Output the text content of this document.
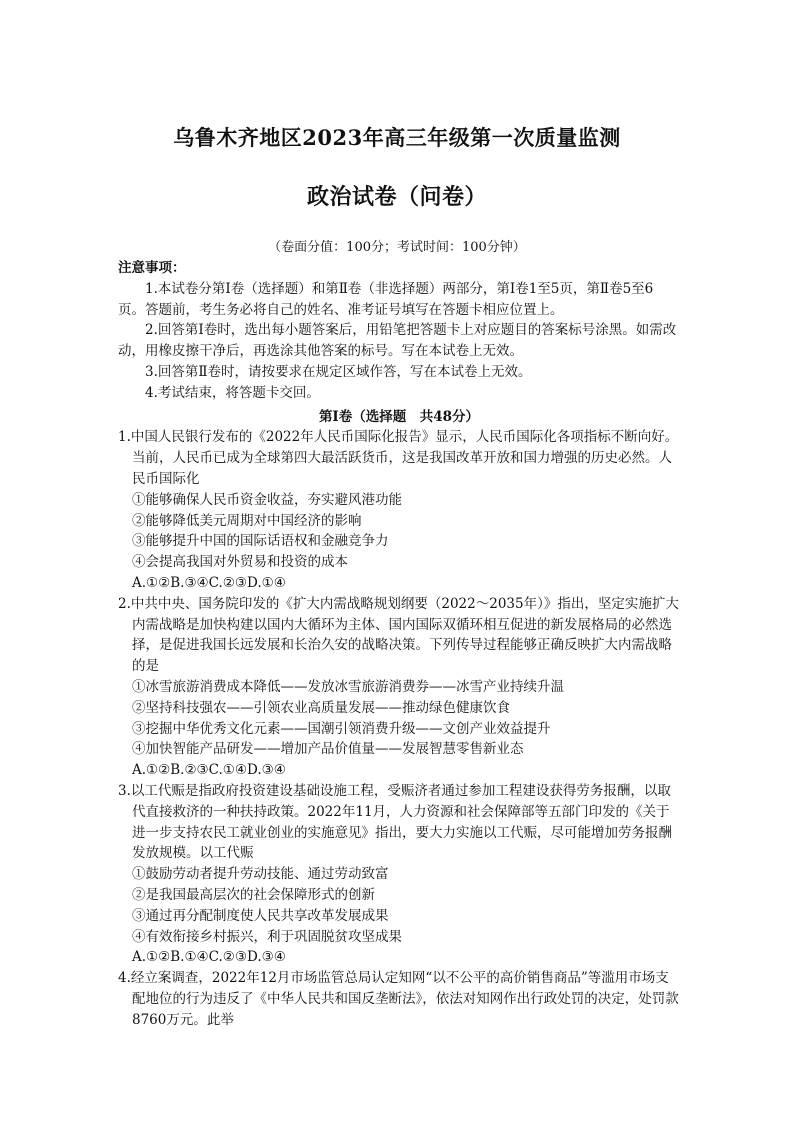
乌鲁木齐地区2023年高三年级第一次质量监测
政治试卷（问卷）
（卷面分值：100分；考试时间：100分钟）

注意事项：

1.本试卷分第Ⅰ卷（选择题）和第Ⅱ卷（非选择题）两部分，第Ⅰ卷1至5页，第Ⅱ卷5至6页。答题前，考生务必将自己的姓名、准考证号填写在答题卡相应位置上。

2.回答第Ⅰ卷时，选出每小题答案后，用铅笔把答题卡上对应题目的答案标号涂黑。如需改动，用橡皮擦干净后，再选涂其他答案的标号。写在本试卷上无效。

3.回答第Ⅱ卷时，请按要求在规定区域作答，写在本试卷上无效。

4.考试结束，将答题卡交回。

第Ⅰ卷（选择题　共48分）

1.中国人民银行发布的《2022年人民币国际化报告》显示，人民币国际化各项指标不断向好。当前，人民币已成为全球第四大最活跃货币，这是我国改革开放和国力增强的历史必然。人民币国际化

①能够确保人民币资金收益，夯实避风港功能

②能够降低美元周期对中国经济的影响

③能够提升中国的国际话语权和金融竞争力

④会提高我国对外贸易和投资的成本

A.①②B.③④C.②③D.①④

2.中共中央、国务院印发的《扩大内需战略规划纲要（2022～2035年）》指出，坚定实施扩大内需战略是加快构建以国内大循环为主体、国内国际双循环相互促进的新发展格局的必然选择，是促进我国长远发展和长治久安的战略决策。下列传导过程能够正确反映扩大内需战略的是

①冰雪旅游消费成本降低——发放冰雪旅游消费券——冰雪产业持续升温

②坚持科技强农——引领农业高质量发展——推动绿色健康饮食

③挖掘中华优秀文化元素——国潮引领消费升级——文创产业效益提升

④加快智能产品研发——增加产品价值量——发展智慧零售新业态

A.①②B.②③C.①④D.③④

3.以工代赈是指政府投资建设基础设施工程，受赈济者通过参加工程建设获得劳务报酬，以取代直接救济的一种扶持政策。2022年11月，人力资源和社会保障部等五部门印发的《关于进一步支持农民工就业创业的实施意见》指出，要大力实施以工代赈，尽可能增加劳务报酬发放规模。以工代赈

①鼓励劳动者提升劳动技能、通过劳动致富

②是我国最高层次的社会保障形式的创新

③通过再分配制度使人民共享改革发展成果

④有效衔接乡村振兴，利于巩固脱贫攻坚成果

A.①②B.①④C.②③D.③④

4.经立案调查，2022年12月市场监管总局认定知网“以不公平的高价销售商品”等滥用市场支配地位的行为违反了《中华人民共和国反垄断法》，依法对知网作出行政处罚的决定，处罚款8760万元。此举
